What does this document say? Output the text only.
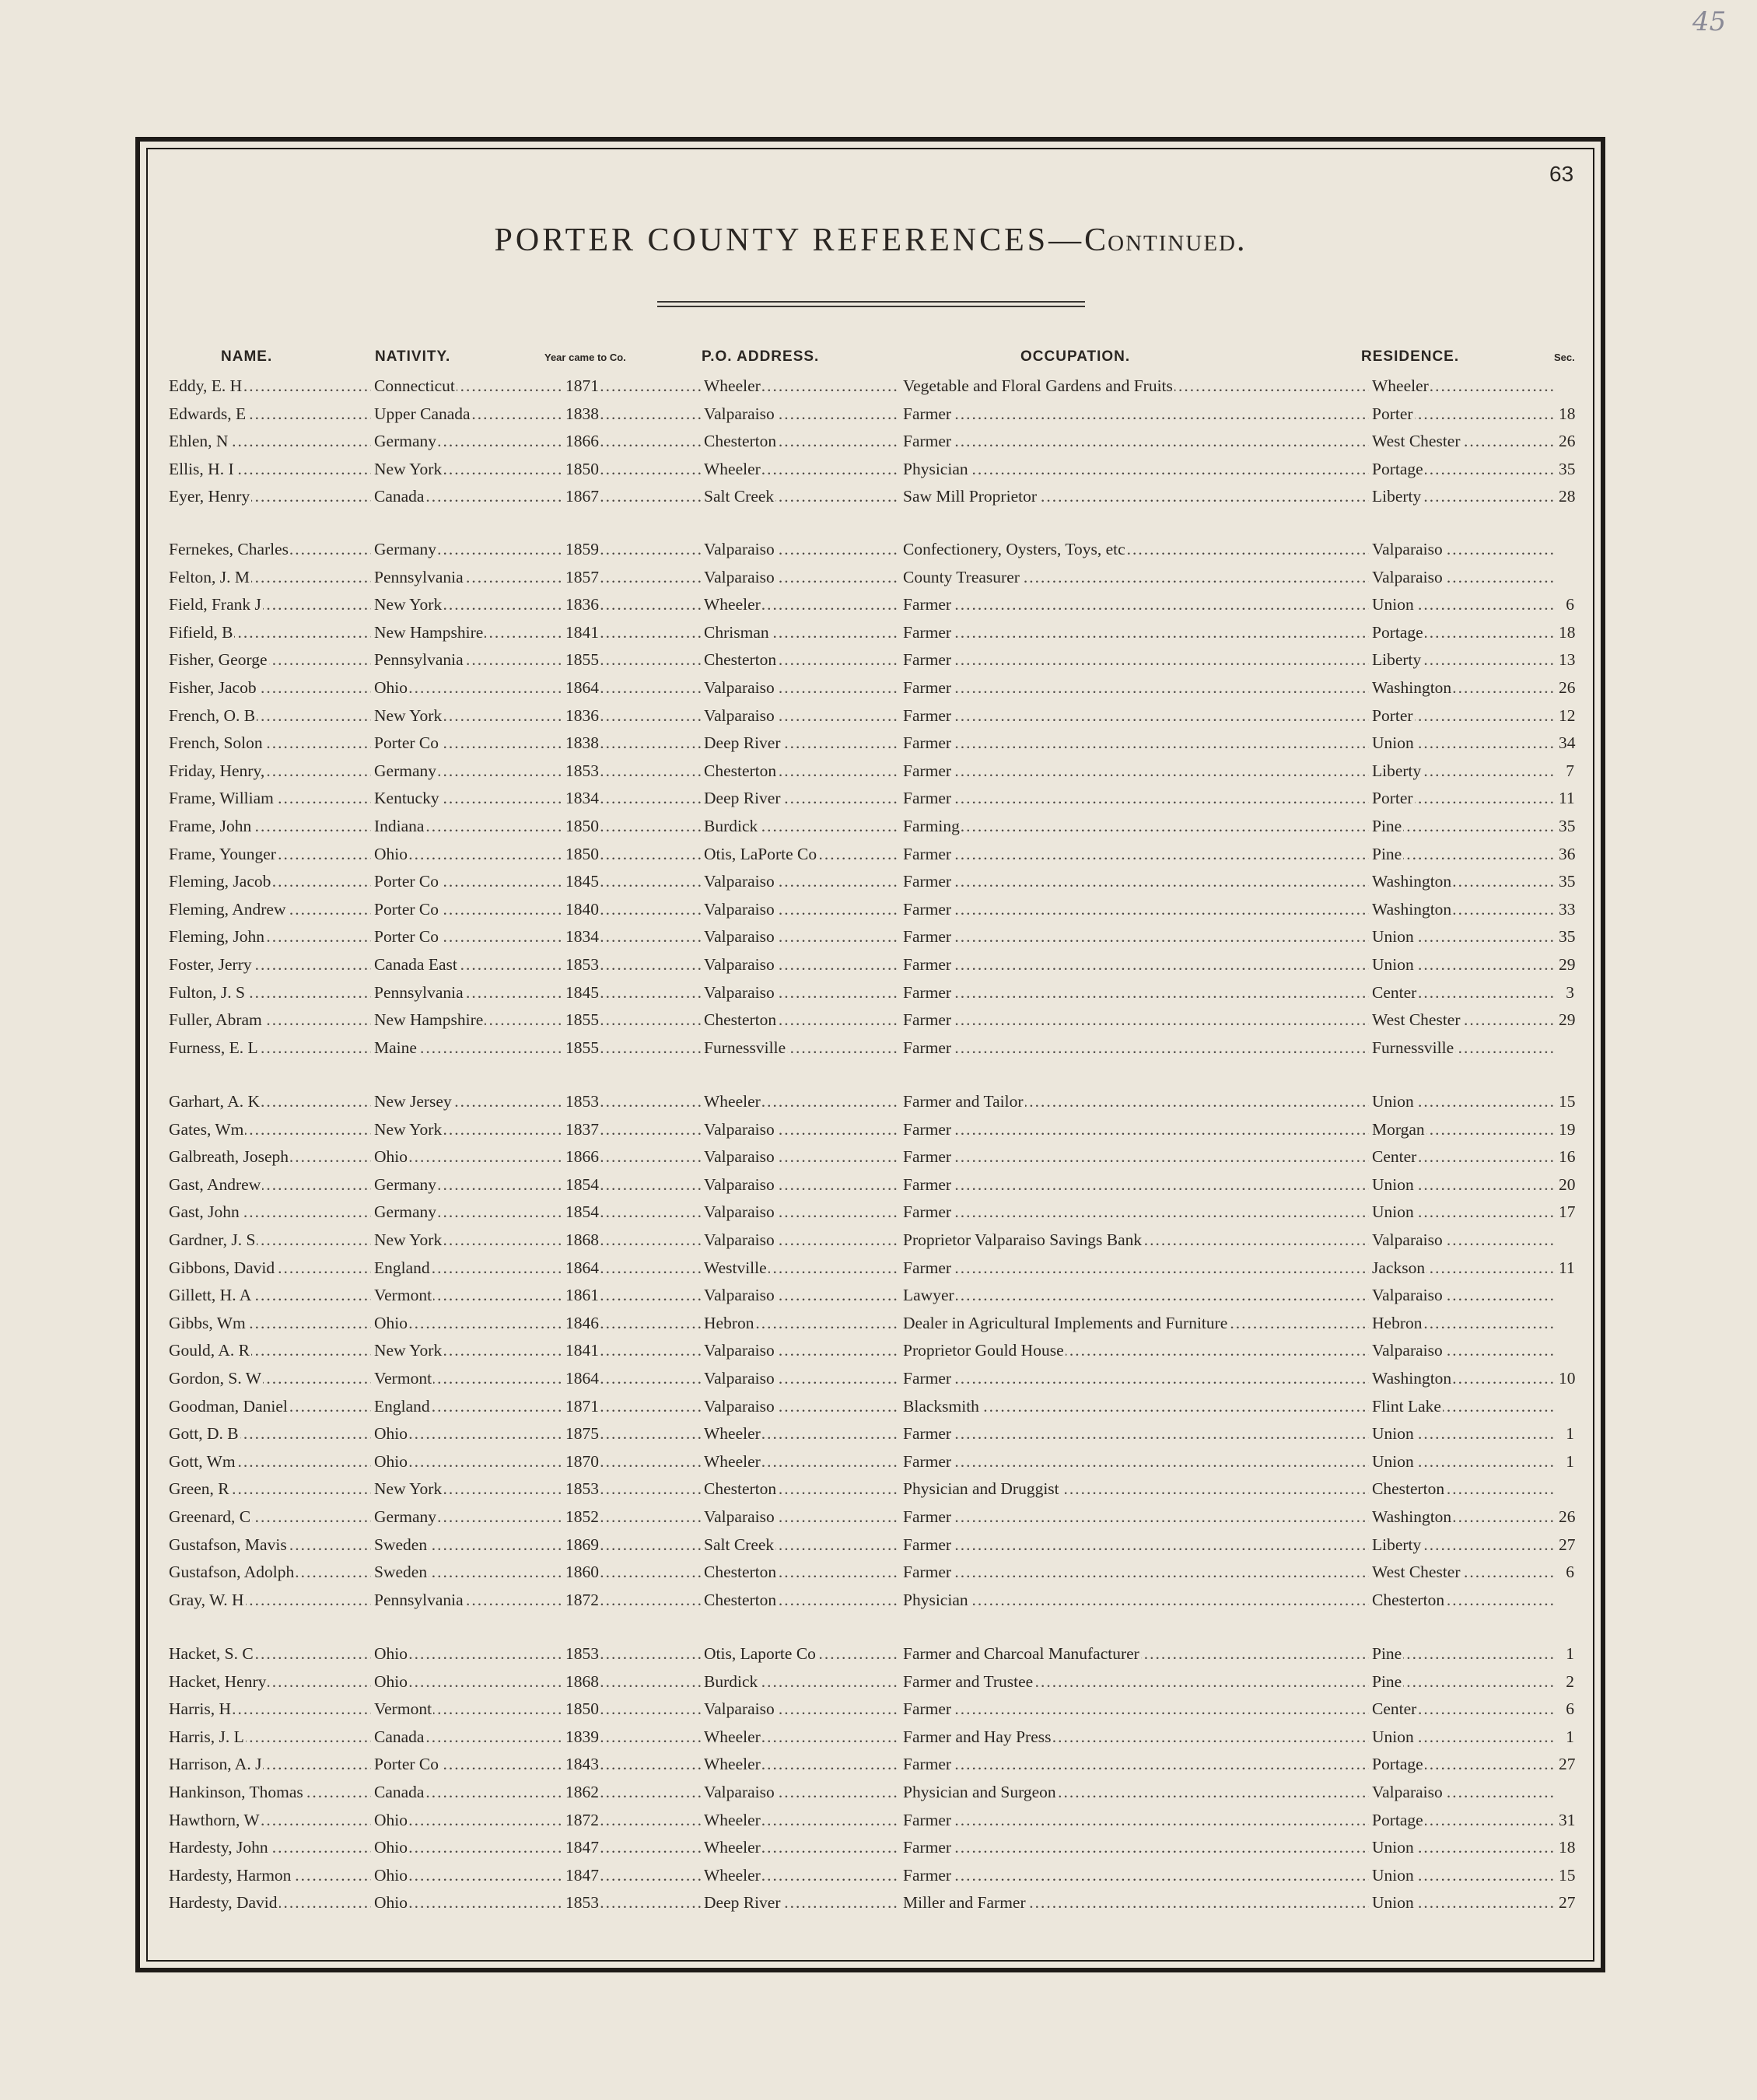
45
63
PORTER COUNTY REFERENCES—Continued.
NAME.	NATIVITY.	Year came to Co.	P.O. ADDRESS.	OCCUPATION.	RESIDENCE.	Sec.
.....
Eddy, E. H .....	Connecticut .....	1871 .....	Wheeler .....	Vegetable and Floral Gardens and Fruits .....	Wheeler
.....
Edwards, E .....	Upper Canada .....	1838 .....	Valparaiso .....	Farmer .....	Porter	18
.....
Ehlen, N .....	Germany .....	1866 .....	Chesterton .....	Farmer .....	West Chester	26
.....
Ellis, H. I .....	New York .....	1850 .....	Wheeler .....	Physician .....	Portage	35
.....
Eyer, Henry .....	Canada .....	1867 .....	Salt Creek .....	Saw Mill Proprietor .....	Liberty	28
.....
Fernekes, Charles .....	Germany .....	1859 .....	Valparaiso .....	Confectionery, Oysters, Toys, etc .....	Valparaiso
.....
Felton, J. M .....	Pennsylvania .....	1857 .....	Valparaiso .....	County Treasurer .....	Valparaiso
.....
Field, Frank J .....	New York .....	1836 .....	Wheeler .....	Farmer .....	Union	6
.....
Fifield, B .....	New Hampshire .....	1841 .....	Chrisman .....	Farmer .....	Portage	18
.....
Fisher, George .....	Pennsylvania .....	1855 .....	Chesterton .....	Farmer .....	Liberty	13
.....
Fisher, Jacob .....	Ohio .....	1864 .....	Valparaiso .....	Farmer .....	Washington	26
.....
French, O. B .....	New York .....	1836 .....	Valparaiso .....	Farmer .....	Porter	12
.....
French, Solon .....	Porter Co .....	1838 .....	Deep River .....	Farmer .....	Union	34
.....
Friday, Henry, .....	Germany .....	1853 .....	Chesterton .....	Farmer .....	Liberty	7
.....
Frame, William .....	Kentucky .....	1834 .....	Deep River .....	Farmer .....	Porter	11
.....
Frame, John .....	Indiana .....	1850 .....	Burdick .....	Farming .....	Pine	35
.....
Frame, Younger .....	Ohio .....	1850 .....	Otis, LaPorte Co .....	Farmer .....	Pine	36
.....
Fleming, Jacob .....	Porter Co .....	1845 .....	Valparaiso .....	Farmer .....	Washington	35
.....
Fleming, Andrew .....	Porter Co .....	1840 .....	Valparaiso .....	Farmer .....	Washington	33
.....
Fleming, John .....	Porter Co .....	1834 .....	Valparaiso .....	Farmer .....	Union	35
.....
Foster, Jerry .....	Canada East .....	1853 .....	Valparaiso .....	Farmer .....	Union	29
.....
Fulton, J. S .....	Pennsylvania .....	1845 .....	Valparaiso .....	Farmer .....	Center	3
.....
Fuller, Abram .....	New Hampshire .....	1855 .....	Chesterton .....	Farmer .....	West Chester	29
.....
Furness, E. L .....	Maine .....	1855 .....	Furnessville .....	Farmer .....	Furnessville
.....
Garhart, A. K .....	New Jersey .....	1853 .....	Wheeler .....	Farmer and Tailor .....	Union	15
.....
Gates, Wm .....	New York .....	1837 .....	Valparaiso .....	Farmer .....	Morgan	19
.....
Galbreath, Joseph .....	Ohio .....	1866 .....	Valparaiso .....	Farmer .....	Center	16
.....
Gast, Andrew .....	Germany .....	1854 .....	Valparaiso .....	Farmer .....	Union	20
.....
Gast, John .....	Germany .....	1854 .....	Valparaiso .....	Farmer .....	Union	17
.....
Gardner, J. S .....	New York .....	1868 .....	Valparaiso .....	Proprietor Valparaiso Savings Bank .....	Valparaiso
.....
Gibbons, David .....	England .....	1864 .....	Westville .....	Farmer .....	Jackson	11
.....
Gillett, H. A .....	Vermont .....	1861 .....	Valparaiso .....	Lawyer .....	Valparaiso
.....
Gibbs, Wm .....	Ohio .....	1846 .....	Hebron .....	Dealer in Agricultural Implements and Furniture .....	Hebron
.....
Gould, A. R .....	New York .....	1841 .....	Valparaiso .....	Proprietor Gould House .....	Valparaiso
.....
Gordon, S. W .....	Vermont .....	1864 .....	Valparaiso .....	Farmer .....	Washington	10
.....
Goodman, Daniel .....	England .....	1871 .....	Valparaiso .....	Blacksmith .....	Flint Lake
.....
Gott, D. B .....	Ohio .....	1875 .....	Wheeler .....	Farmer .....	Union	1
.....
Gott, Wm .....	Ohio .....	1870 .....	Wheeler .....	Farmer .....	Union	1
.....
Green, R .....	New York .....	1853 .....	Chesterton .....	Physician and Druggist .....	Chesterton
.....
Greenard, C .....	Germany .....	1852 .....	Valparaiso .....	Farmer .....	Washington	26
.....
Gustafson, Mavis .....	Sweden .....	1869 .....	Salt Creek .....	Farmer .....	Liberty	27
.....
Gustafson, Adolph .....	Sweden .....	1860 .....	Chesterton .....	Farmer .....	West Chester	6
.....
Gray, W. H .....	Pennsylvania .....	1872 .....	Chesterton .....	Physician .....	Chesterton
.....
Hacket, S. C .....	Ohio .....	1853 .....	Otis, Laporte Co .....	Farmer and Charcoal Manufacturer .....	Pine	1
.....
Hacket, Henry .....	Ohio .....	1868 .....	Burdick .....	Farmer and Trustee .....	Pine	2
.....
Harris, H .....	Vermont .....	1850 .....	Valparaiso .....	Farmer .....	Center	6
.....
Harris, J. L .....	Canada .....	1839 .....	Wheeler .....	Farmer and Hay Press .....	Union	1
.....
Harrison, A. J .....	Porter Co .....	1843 .....	Wheeler .....	Farmer .....	Portage	27
.....
Hankinson, Thomas .....	Canada .....	1862 .....	Valparaiso .....	Physician and Surgeon .....	Valparaiso
.....
Hawthorn, W .....	Ohio .....	1872 .....	Wheeler .....	Farmer .....	Portage	31
.....
Hardesty, John .....	Ohio .....	1847 .....	Wheeler .....	Farmer .....	Union	18
.....
Hardesty, Harmon .....	Ohio .....	1847 .....	Wheeler .....	Farmer .....	Union	15
.....
Hardesty, David .....	Ohio .....	1853 .....	Deep River .....	Miller and Farmer .....	Union	27
